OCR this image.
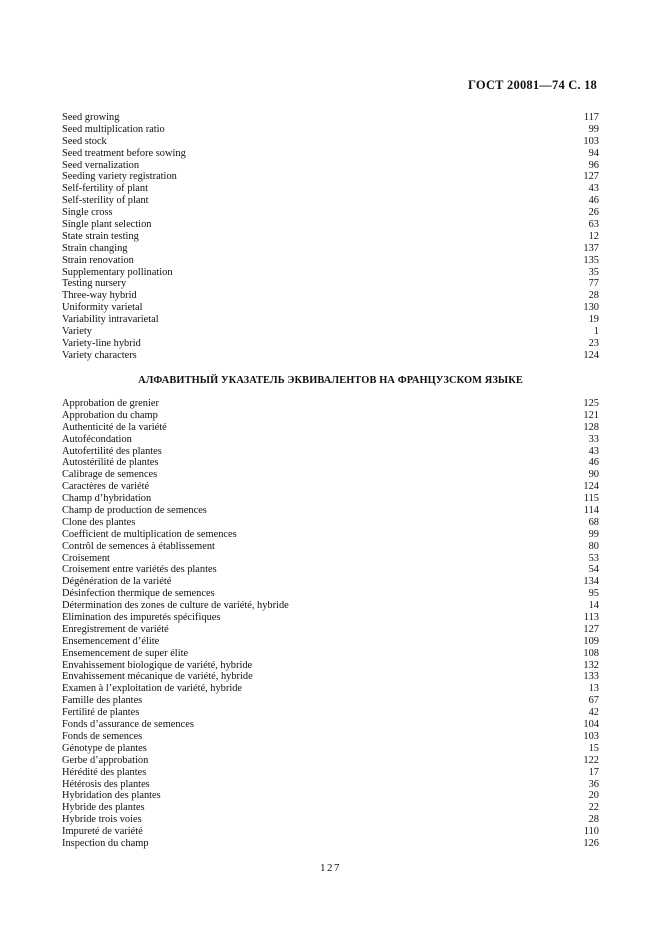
ГОСТ 20081—74 С. 18
Seed growing	117
Seed multiplication ratio	99
Seed stock	103
Seed treatment before sowing	94
Seed vernalization	96
Seeding variety registration	127
Self-fertility of plant	43
Self-sterility of plant	46
Single cross	26
Single plant selection	63
State strain testing	12
Strain changing	137
Strain renovation	135
Supplementary pollination	35
Testing nursery	77
Three-way hybrid	28
Uniformity varietal	130
Variability intravarietal	19
Variety	1
Variety-line hybrid	23
Variety characters	124
АЛФАВИТНЫЙ УКАЗАТЕЛЬ ЭКВИВАЛЕНТОВ НА ФРАНЦУЗСКОМ ЯЗЫКЕ
Approbation de grenier	125
Approbation du champ	121
Authenticité de la variété	128
Autofécondation	33
Autofertilité des plantes	43
Autostérilité de plantes	46
Calibrage de semences	90
Caractères de variété	124
Champ d’hybridation	115
Champ de production de semences	114
Clone des plantes	68
Coefficient de multiplication de semences	99
Contrôl de semences à établissement	80
Croisement	53
Croisement entre variétés des plantes	54
Dégénération de la variété	134
Désinfection thermique de semences	95
Détermination des zones de culture de variété, hybride	14
Élimination des impuretés spécifiques	113
Enregistrement de variété	127
Ensemencement d’élite	109
Ensemencement de super élite	108
Envahissement biologique de variété, hybride	132
Envahissement mécanique de variété, hybride	133
Examen à l’exploitation de variété, hybride	13
Famille des plantes	67
Fertilité de plantes	42
Fonds d’assurance de semences	104
Fonds de semences	103
Génotype de plantes	15
Gerbe d’approbation	122
Hérédité des plantes	17
Hétérosis des plantes	36
Hybridation des plantes	20
Hybride des plantes	22
Hybride trois voies	28
Impureté de variété	110
Inspection du champ	126
127
